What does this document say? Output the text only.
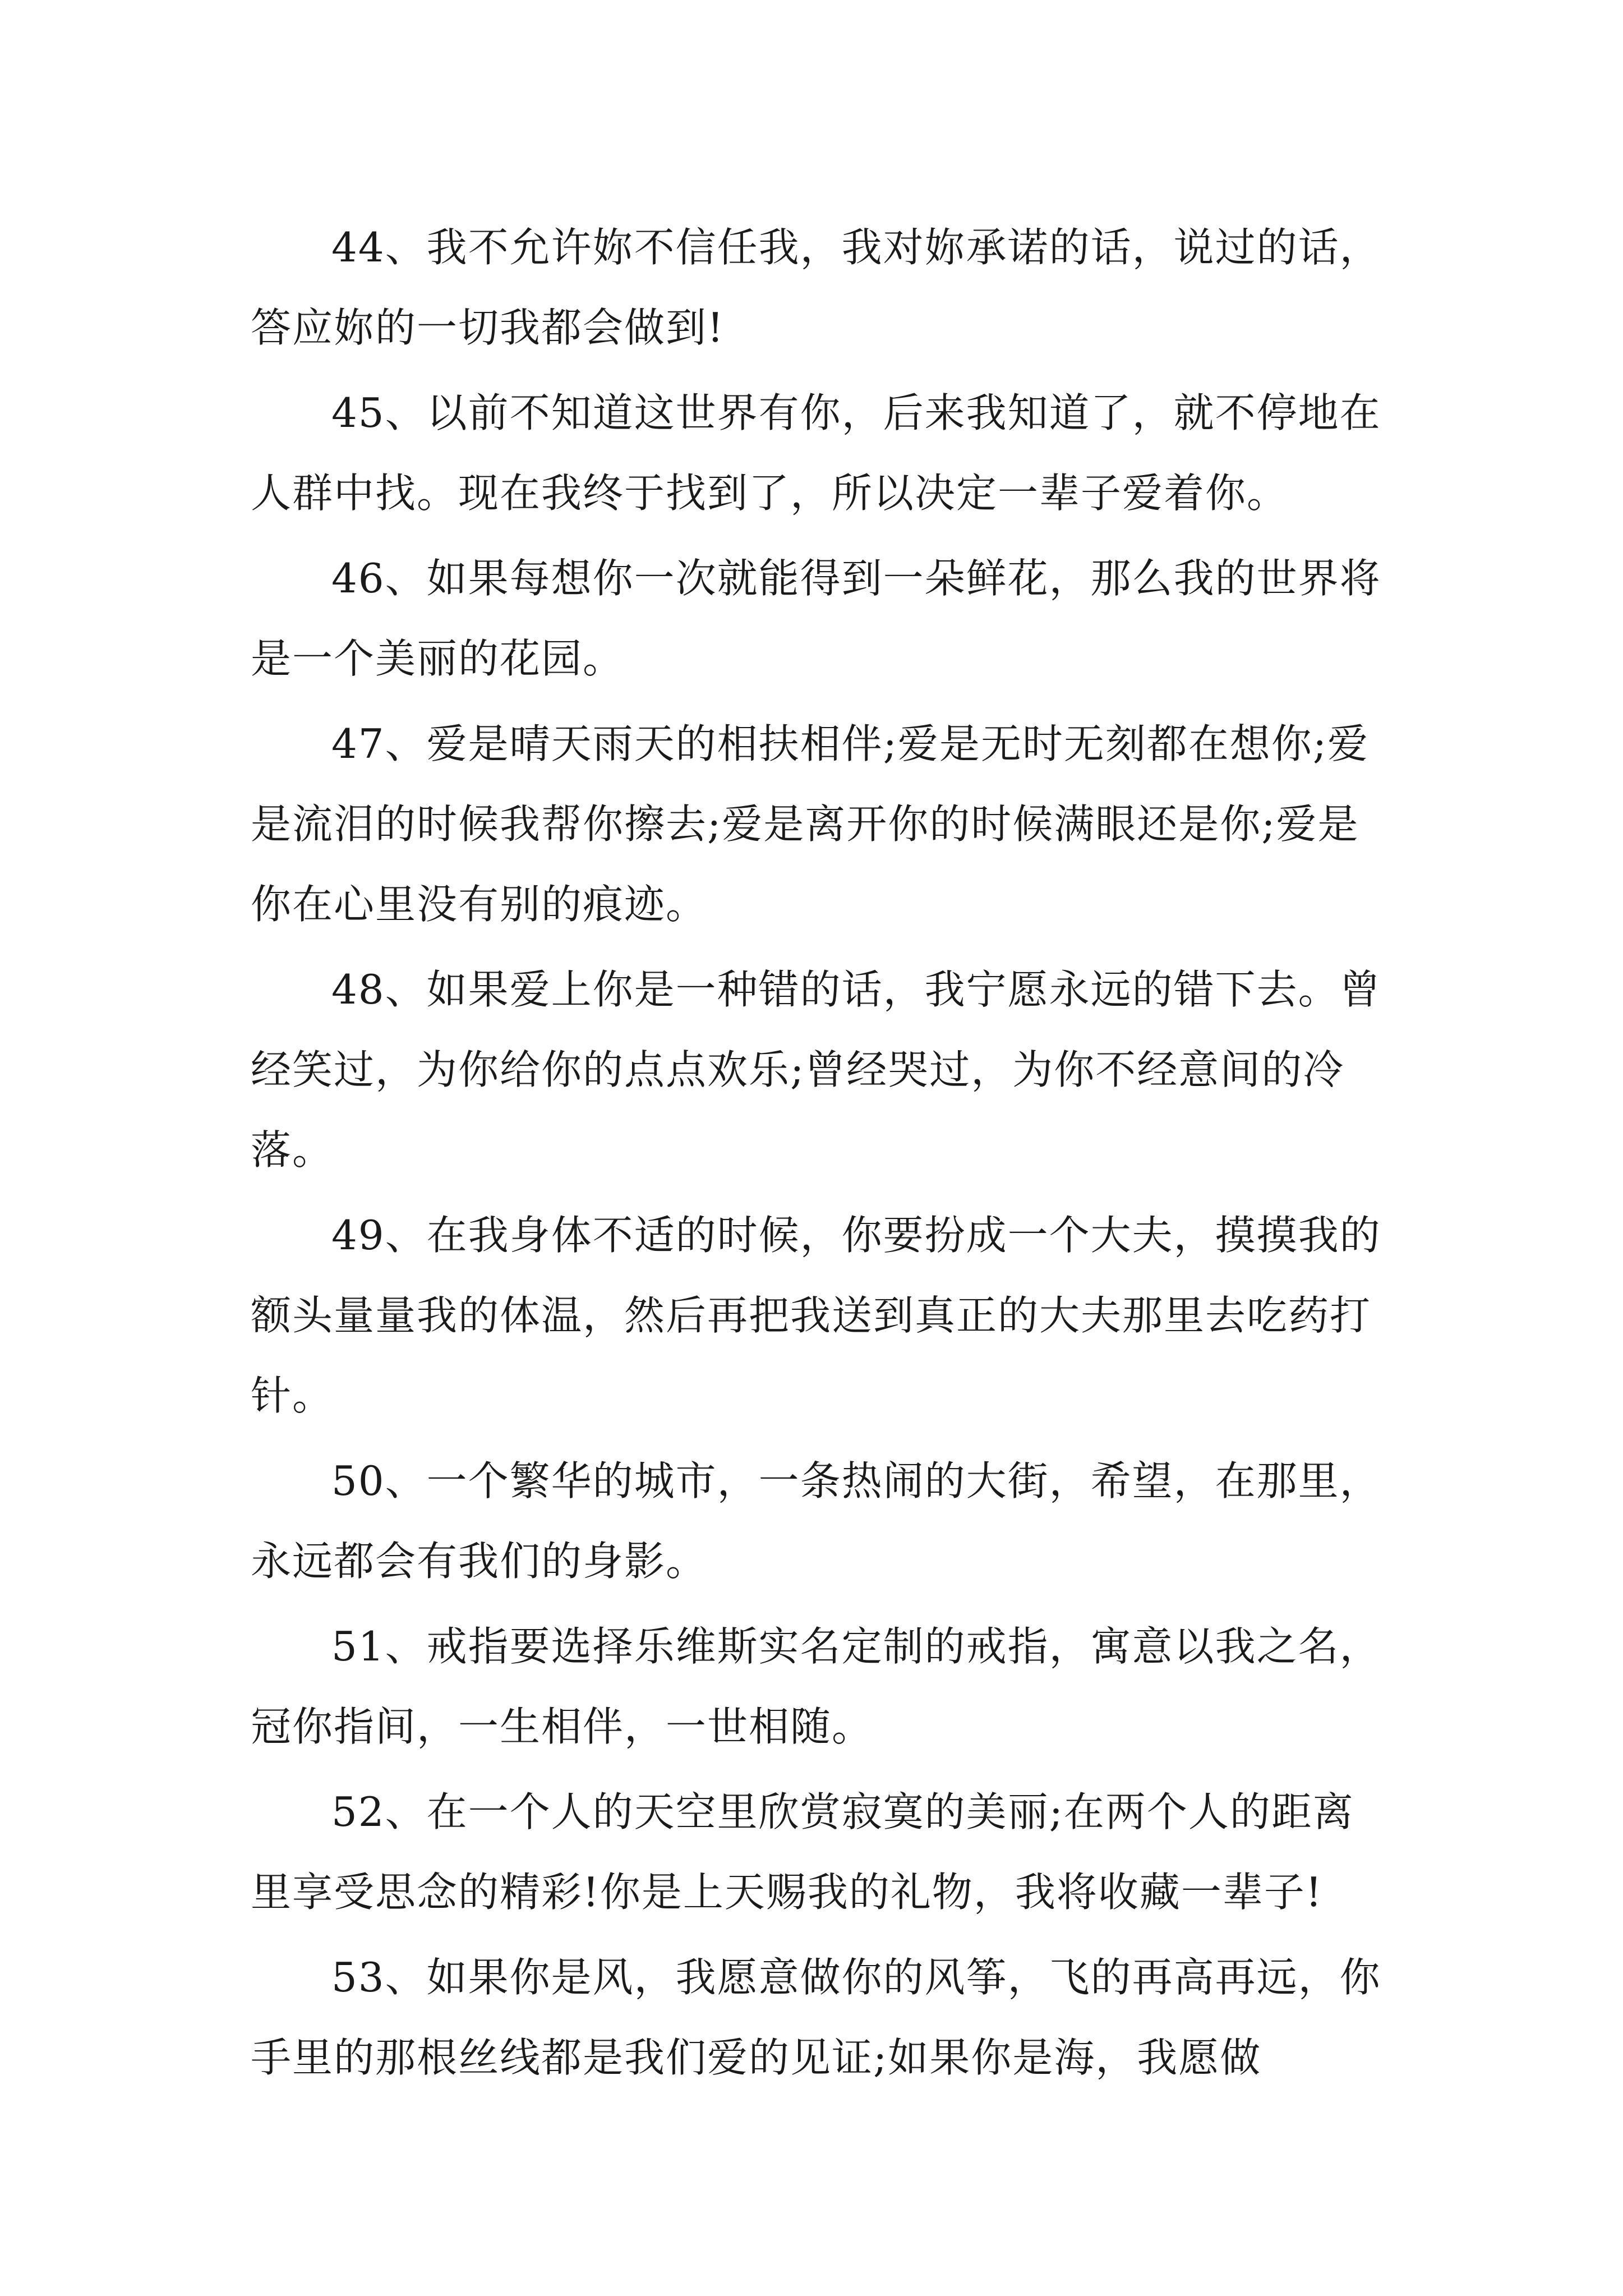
44、我不允许妳不信任我，我对妳承诺的话，说过的话，答应妳的一切我都会做到!

45、以前不知道这世界有你，后来我知道了，就不停地在人群中找。现在我终于找到了，所以决定一辈子爱着你。

46、如果每想你一次就能得到一朵鲜花，那么我的世界将是一个美丽的花园。

47、爱是晴天雨天的相扶相伴;爱是无时无刻都在想你;爱是流泪的时候我帮你擦去;爱是离开你的时候满眼还是你;爱是你在心里没有别的痕迹。

48、如果爱上你是一种错的话，我宁愿永远的错下去。曾经笑过，为你给你的点点欢乐;曾经哭过，为你不经意间的冷落。

49、在我身体不适的时候，你要扮成一个大夫，摸摸我的额头量量我的体温，然后再把我送到真正的大夫那里去吃药打针。

50、一个繁华的城市，一条热闹的大街，希望，在那里，永远都会有我们的身影。

51、戒指要选择乐维斯实名定制的戒指，寓意以我之名，冠你指间，一生相伴，一世相随。

52、在一个人的天空里欣赏寂寞的美丽;在两个人的距离里享受思念的精彩!你是上天赐我的礼物，我将收藏一辈子!

53、如果你是风，我愿意做你的风筝，飞的再高再远，你手里的那根丝线都是我们爱的见证;如果你是海，我愿做
